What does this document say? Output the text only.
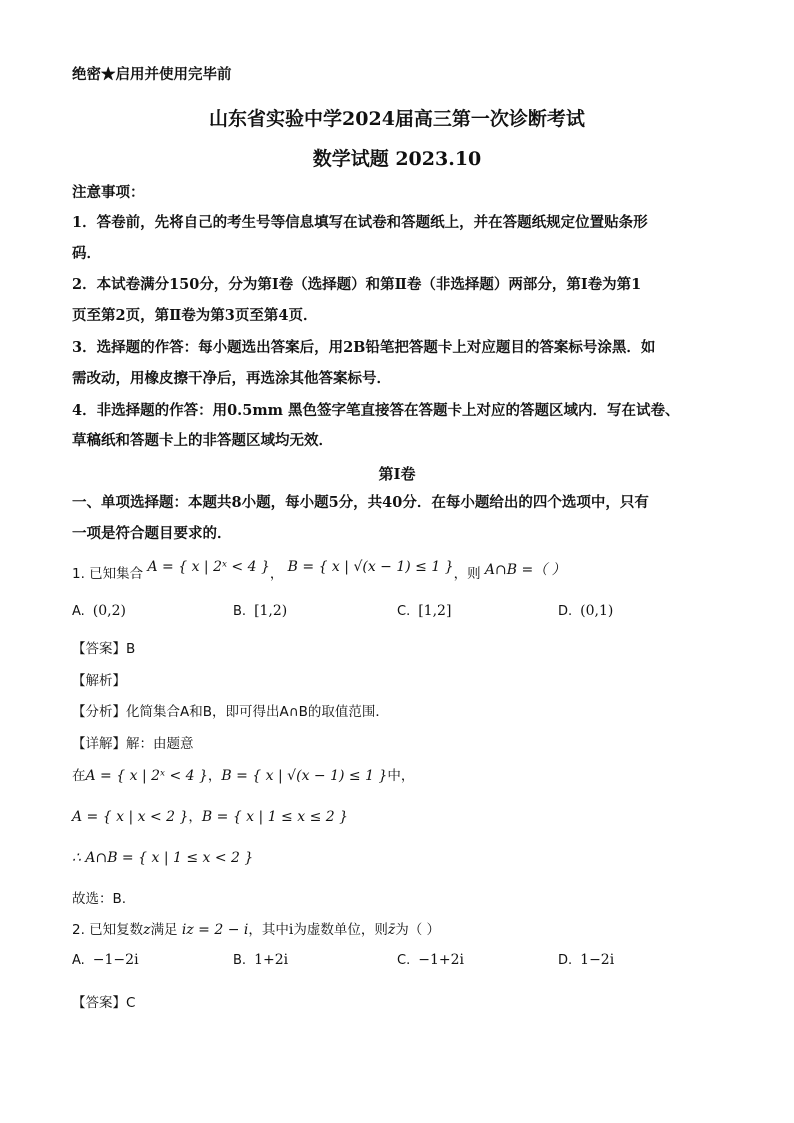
绝密★启用并使用完毕前
山东省实验中学2024届高三第一次诊断考试
数学试题 2023.10
注意事项：
1．答卷前，先将自己的考生号等信息填写在试卷和答题纸上，并在答题纸规定位置贴条形
码．
2．本试卷满分150分，分为第Ⅰ卷（选择题）和第Ⅱ卷（非选择题）两部分，第Ⅰ卷为第1
页至第2页，第Ⅱ卷为第3页至第4页．
3．选择题的作答：每小题选出答案后，用2B铅笔把答题卡上对应题目的答案标号涂黑．如
需改动，用橡皮擦干净后，再选涂其他答案标号．
4．非选择题的作答：用0.5mm 黑色签字笔直接答在答题卡上对应的答题区域内．写在试卷、
草稿纸和答题卡上的非答题区域均无效．
第Ⅰ卷
一、单项选择题：本题共8小题，每小题5分，共40分．在每小题给出的四个选项中，只有
一项是符合题目要求的．
1. 已知集合 A = { x | 2ˣ < 4 }， B = { x | √(x − 1) ≤ 1 }，则 A∩B =（ ）
A. (0,2)	B. [1,2)	C. [1,2]	D. (0,1)
【答案】B
【解析】
【分析】化简集合A和B，即可得出A∩B的取值范围．
【详解】解：由题意
在A = { x | 2ˣ < 4 }，B = { x | √(x − 1) ≤ 1 }中，
A = { x | x < 2 }，B = { x | 1 ≤ x ≤ 2 }
∴ A∩B = { x | 1 ≤ x < 2 }
故选：B.
2. 已知复数z满足 iz = 2 − i，其中i为虚数单位，则z̄为（ ）
A. −1−2i	B. 1+2i	C. −1+2i	D. 1−2i
【答案】C
